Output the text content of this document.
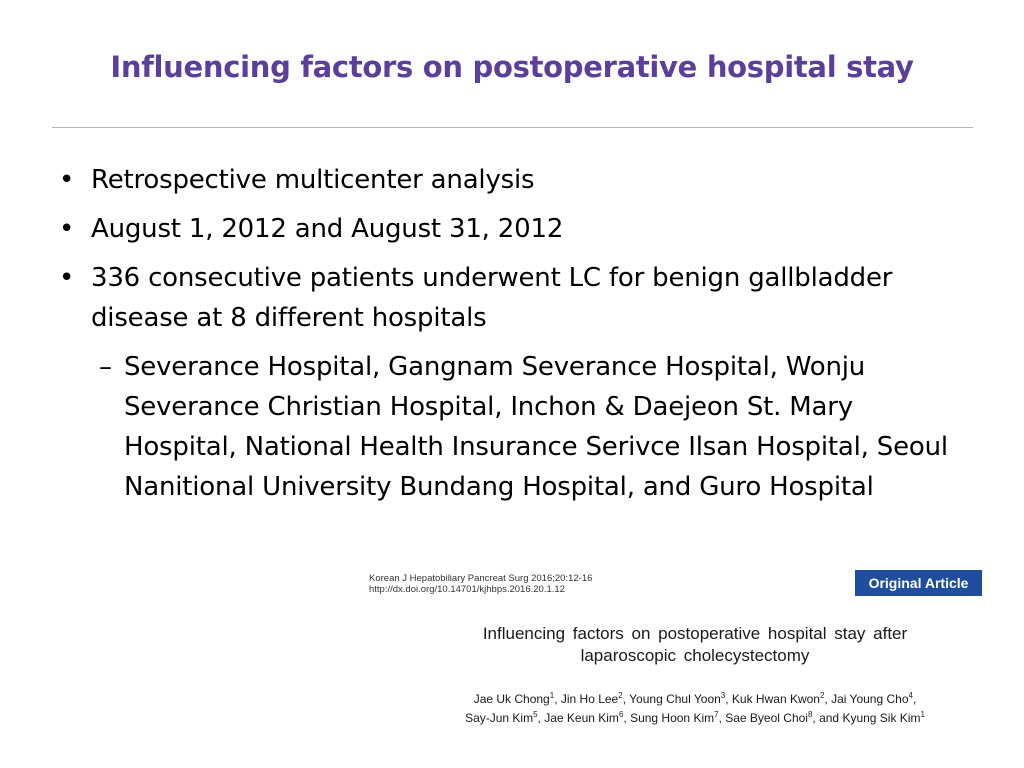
Influencing factors on postoperative hospital stay
• Retrospective multicenter analysis
• August 1, 2012 and August 31, 2012
• 336 consecutive patients underwent LC for benign gallbladder disease at 8 different hospitals
– Severance Hospital, Gangnam Severance Hospital, Wonju Severance Christian Hospital, Inchon & Daejeon St. Mary Hospital, National Health Insurance Serivce Ilsan Hospital, Seoul Nanitional University Bundang Hospital, and Guro Hospital
Korean J Hepatobiliary Pancreat Surg 2016;20:12-16
http://dx.doi.org/10.14701/kjhbps.2016.20.1.12	Original Article
Influencing factors on postoperative hospital stay after
laparoscopic cholecystectomy
Jae Uk Chong$^1$, Jin Ho Lee$^2$, Young Chul Yoon$^3$, Kuk Hwan Kwon$^2$, Jai Young Cho$^4$,
Say-Jun Kim$^5$, Jae Keun Kim$^6$, Sung Hoon Kim$^7$, Sae Byeol Choi$^8$, and Kyung Sik Kim$^1$
